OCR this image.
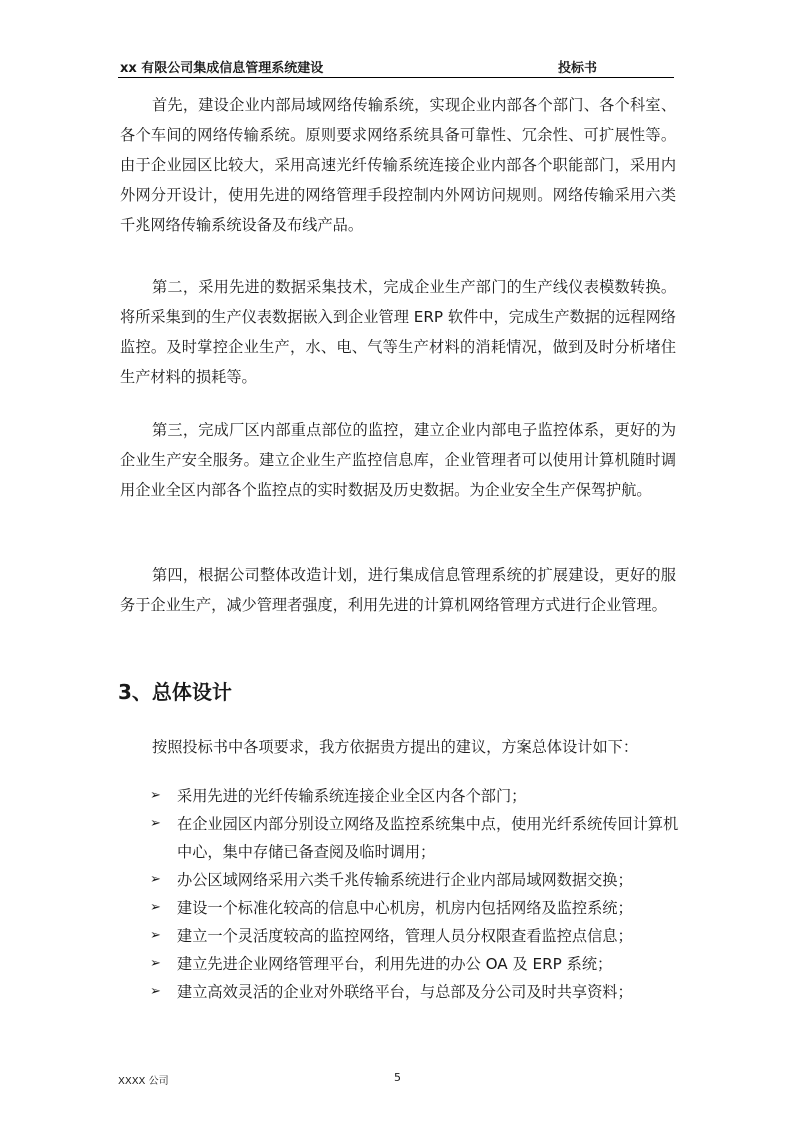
xx 有限公司集成信息管理系统建设	投标书

首先，建设企业内部局域网络传输系统，实现企业内部各个部门、各个科室、各个车间的网络传输系统。原则要求网络系统具备可靠性、冗余性、可扩展性等。由于企业园区比较大，采用高速光纤传输系统连接企业内部各个职能部门，采用内外网分开设计，使用先进的网络管理手段控制内外网访问规则。网络传输采用六类千兆网络传输系统设备及布线产品。

第二，采用先进的数据采集技术，完成企业生产部门的生产线仪表模数转换。将所采集到的生产仪表数据嵌入到企业管理 ERP 软件中，完成生产数据的远程网络监控。及时掌控企业生产，水、电、气等生产材料的消耗情况，做到及时分析堵住生产材料的损耗等。

第三，完成厂区内部重点部位的监控，建立企业内部电子监控体系，更好的为企业生产安全服务。建立企业生产监控信息库，企业管理者可以使用计算机随时调用企业全区内部各个监控点的实时数据及历史数据。为企业安全生产保驾护航。

第四，根据公司整体改造计划，进行集成信息管理系统的扩展建设，更好的服务于企业生产，减少管理者强度，利用先进的计算机网络管理方式进行企业管理。

3、总体设计

按照投标书中各项要求，我方依据贵方提出的建议，方案总体设计如下：

➢ 采用先进的光纤传输系统连接企业全区内各个部门；
➢ 在企业园区内部分别设立网络及监控系统集中点，使用光纤系统传回计算机中心，集中存储已备查阅及临时调用；
➢ 办公区域网络采用六类千兆传输系统进行企业内部局域网数据交换；
➢ 建设一个标准化较高的信息中心机房，机房内包括网络及监控系统；
➢ 建立一个灵活度较高的监控网络，管理人员分权限查看监控点信息；
➢ 建立先进企业网络管理平台，利用先进的办公 OA 及 ERP 系统；
➢ 建立高效灵活的企业对外联络平台，与总部及分公司及时共享资料；
XXXX 公司	5
